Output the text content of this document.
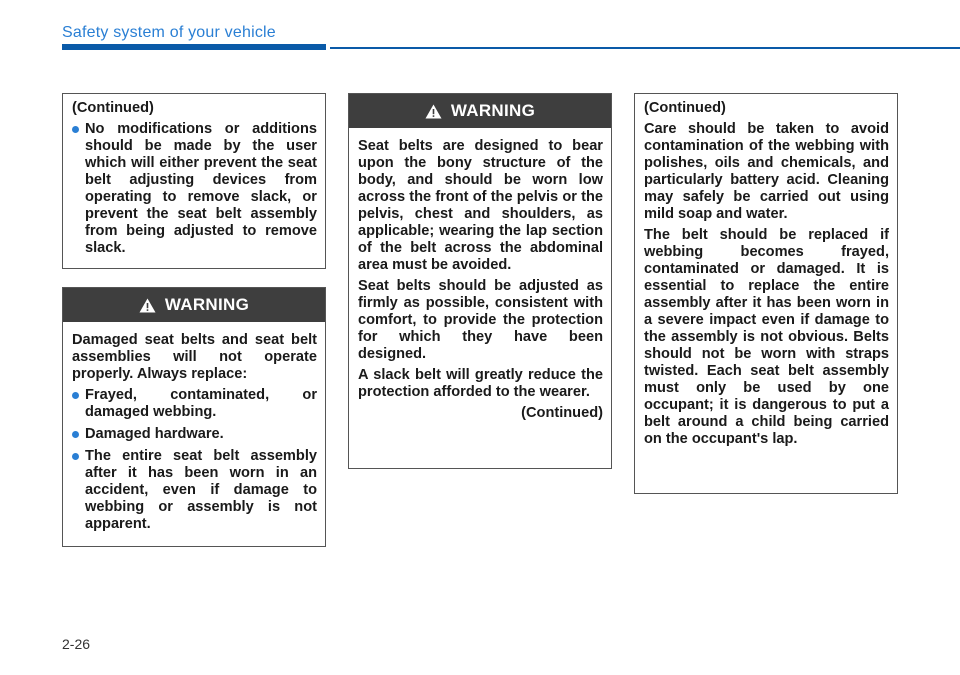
Safety system of your vehicle

(Continued)

No modifications or additions should be made by the user which will either prevent the seat belt adjusting devices from operating to remove slack, or prevent the seat belt assembly from being adjusted to remove slack.
WARNING

Damaged seat belts and seat belt assemblies will not operate properly. Always replace:

Frayed, contaminated, or damaged webbing.
Damaged hardware.
The entire seat belt assembly after it has been worn in an accident, even if damage to webbing or assembly is not apparent.
WARNING

Seat belts are designed to bear upon the bony structure of the body, and should be worn low across the front of the pelvis or the pelvis, chest and shoulders, as applicable; wearing the lap section of the belt across the abdominal area must be avoided.

Seat belts should be adjusted as firmly as possible, consistent with comfort, to provide the protection for which they have been designed.

A slack belt will greatly reduce the protection afforded to the wearer.

(Continued)

(Continued)

Care should be taken to avoid contamination of the webbing with polishes, oils and chemicals, and particularly battery acid. Cleaning may safely be carried out using mild soap and water.

The belt should be replaced if webbing becomes frayed, contaminated or damaged. It is essential to replace the entire assembly after it has been worn in a severe impact even if damage to the assembly is not obvious. Belts should not be worn with straps twisted. Each seat belt assembly must only be used by one occupant; it is dangerous to put a belt around a child being carried on the occupant's lap.

2-26
